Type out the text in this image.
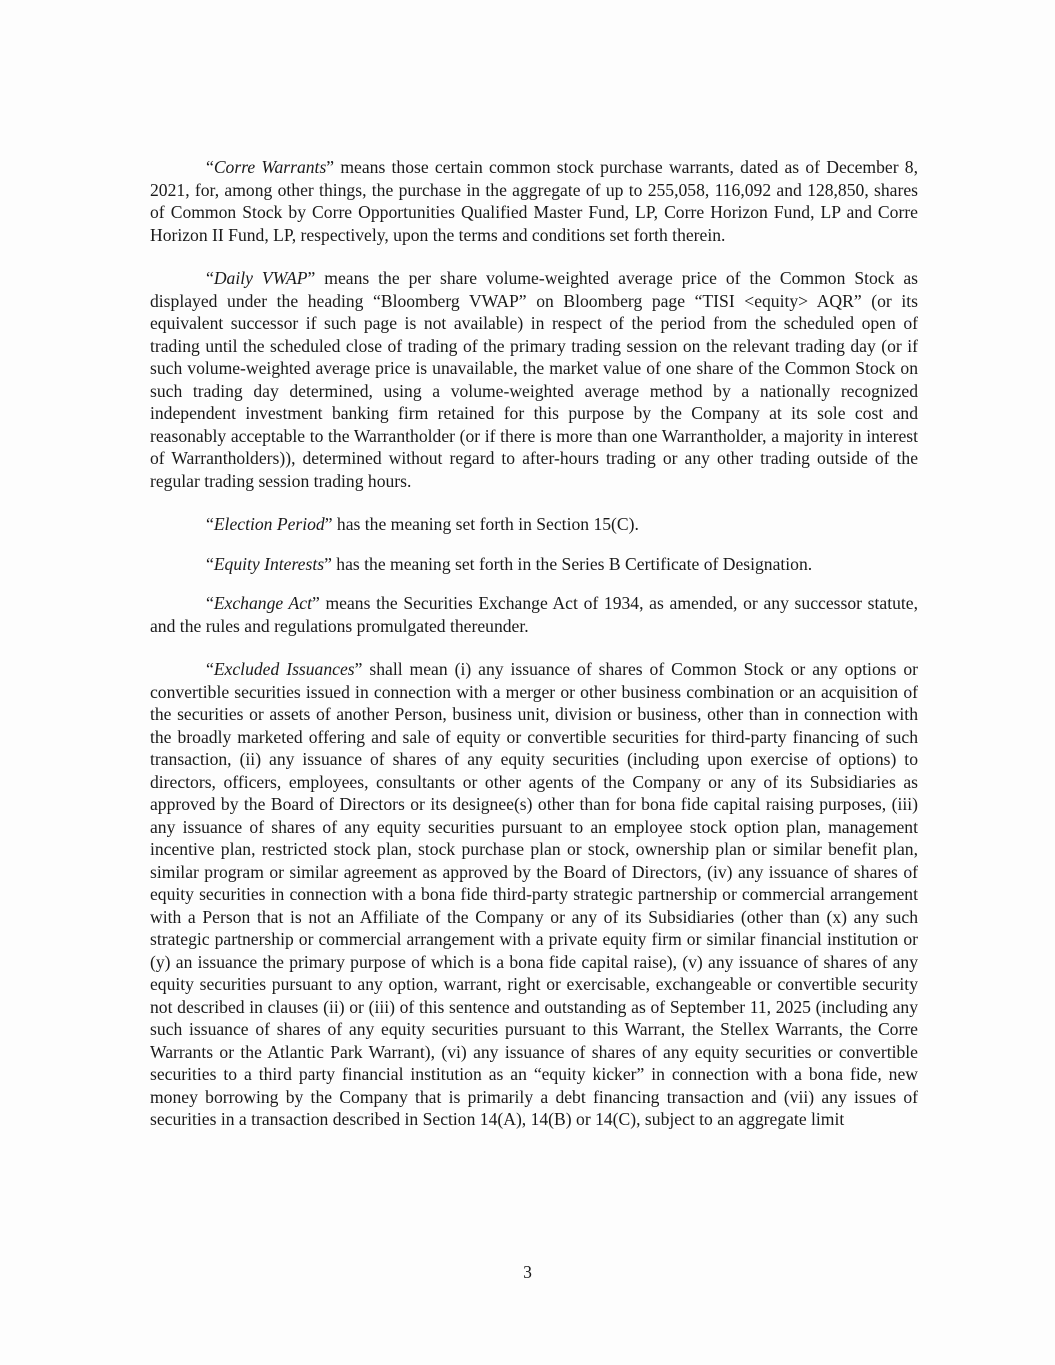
“Corre Warrants” means those certain common stock purchase warrants, dated as of December 8, 2021, for, among other things, the purchase in the aggregate of up to 255,058, 116,092 and 128,850, shares of Common Stock by Corre Opportunities Qualified Master Fund, LP, Corre Horizon Fund, LP and Corre Horizon II Fund, LP, respectively, upon the terms and conditions set forth therein.

“Daily VWAP” means the per share volume-weighted average price of the Common Stock as displayed under the heading “Bloomberg VWAP” on Bloomberg page “TISI <equity> AQR” (or its equivalent successor if such page is not available) in respect of the period from the scheduled open of trading until the scheduled close of trading of the primary trading session on the relevant trading day (or if such volume-weighted average price is unavailable, the market value of one share of the Common Stock on such trading day determined, using a volume-weighted average method by a nationally recognized independent investment banking firm retained for this purpose by the Company at its sole cost and reasonably acceptable to the Warrantholder (or if there is more than one Warrantholder, a majority in interest of Warrantholders)), determined without regard to after-hours trading or any other trading outside of the regular trading session trading hours.

“Election Period” has the meaning set forth in Section 15(C).

“Equity Interests” has the meaning set forth in the Series B Certificate of Designation.

“Exchange Act” means the Securities Exchange Act of 1934, as amended, or any successor statute, and the rules and regulations promulgated thereunder.

“Excluded Issuances” shall mean (i) any issuance of shares of Common Stock or any options or convertible securities issued in connection with a merger or other business combination or an acquisition of the securities or assets of another Person, business unit, division or business, other than in connection with the broadly marketed offering and sale of equity or convertible securities for third-party financing of such transaction, (ii) any issuance of shares of any equity securities (including upon exercise of options) to directors, officers, employees, consultants or other agents of the Company or any of its Subsidiaries as approved by the Board of Directors or its designee(s) other than for bona fide capital raising purposes, (iii) any issuance of shares of any equity securities pursuant to an employee stock option plan, management incentive plan, restricted stock plan, stock purchase plan or stock, ownership plan or similar benefit plan, similar program or similar agreement as approved by the Board of Directors, (iv) any issuance of shares of equity securities in connection with a bona fide third-party strategic partnership or commercial arrangement with a Person that is not an Affiliate of the Company or any of its Subsidiaries (other than (x) any such strategic partnership or commercial arrangement with a private equity firm or similar financial institution or (y) an issuance the primary purpose of which is a bona fide capital raise), (v) any issuance of shares of any equity securities pursuant to any option, warrant, right or exercisable, exchangeable or convertible security not described in clauses (ii) or (iii) of this sentence and outstanding as of September 11, 2025 (including any such issuance of shares of any equity securities pursuant to this Warrant, the Stellex Warrants, the Corre Warrants or the Atlantic Park Warrant), (vi) any issuance of shares of any equity securities or convertible securities to a third party financial institution as an “equity kicker” in connection with a bona fide, new money borrowing by the Company that is primarily a debt financing transaction and (vii) any issues of securities in a transaction described in Section 14(A), 14(B) or 14(C), subject to an aggregate limit

3
